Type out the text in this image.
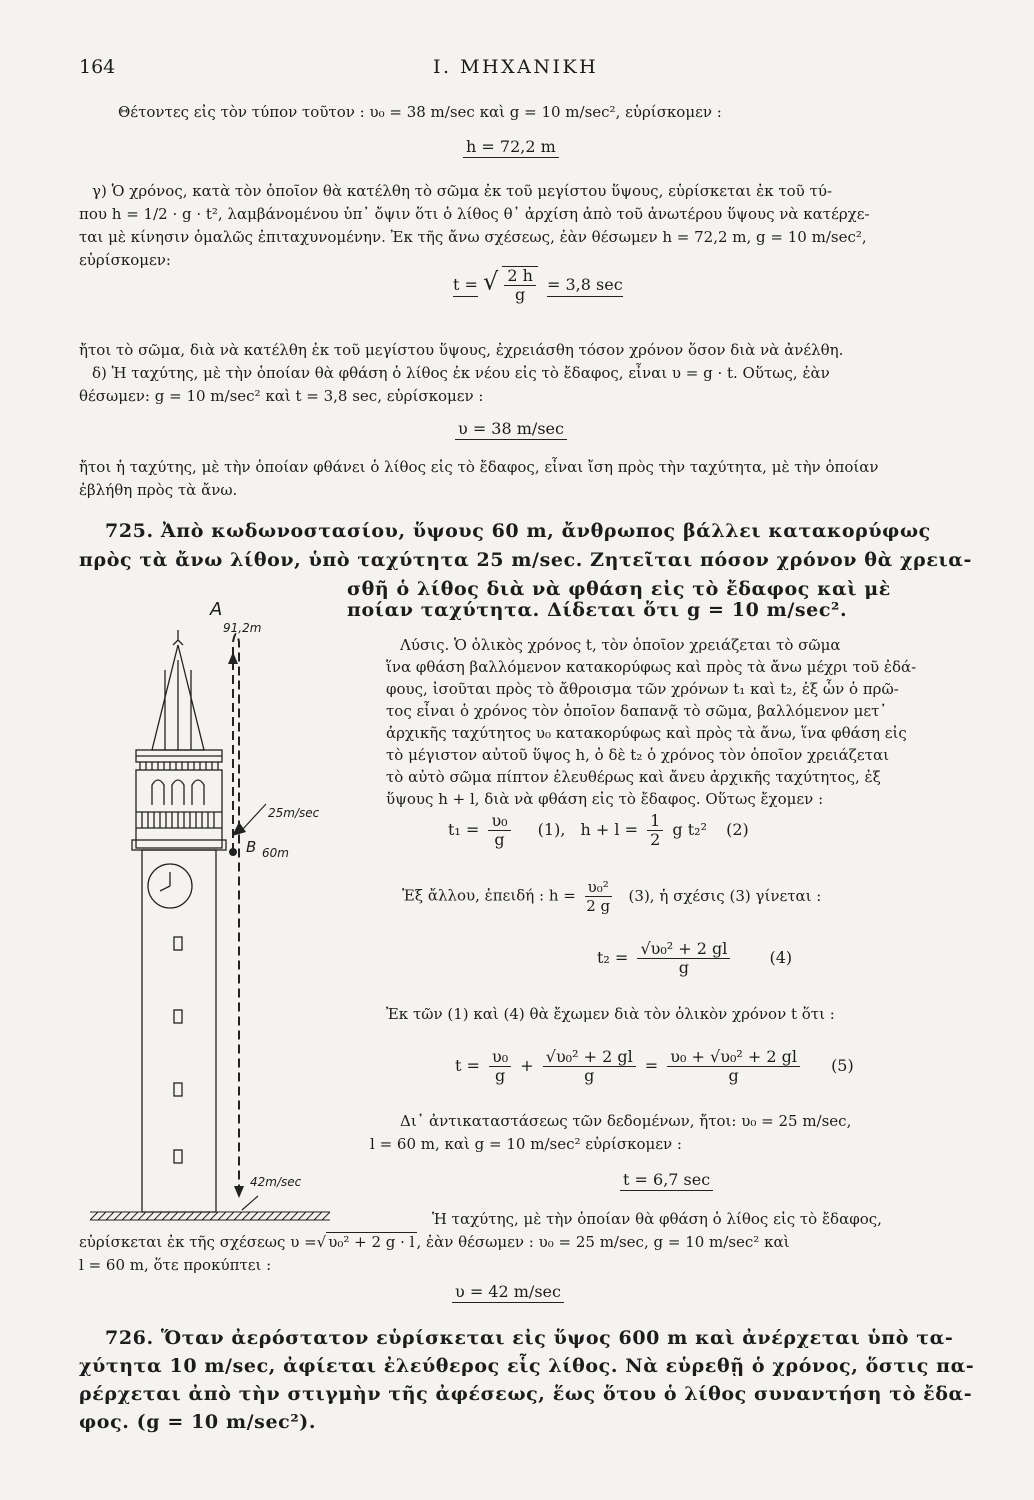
164	I. ΜΗΧΑΝΙΚΗ
Θέτοντες εἰς τὸν τύπον τοῦτον : υ₀ = 38 m/sec καὶ g = 10 m/sec², εὑρίσκομεν :
h = 72,2 m
γ) Ὁ χρόνος, κατὰ τὸν ὁποῖον θὰ κατέλθη τὸ σῶμα ἐκ τοῦ μεγίστου ὕψους, εὑρίσκεται ἐκ τοῦ τύ-
που h = 1/2 · g · t², λαμβάνομένου ὑπ᾿ ὄψιν ὅτι ὁ λίθος θ᾿ ἀρχίση ἀπὸ τοῦ ἀνωτέρου ὕψους νὰ κατέρχε-
ται μὲ κίνησιν ὁμαλῶς ἐπιταχυνομένην. Ἐκ τῆς ἄνω σχέσεως, ἐὰν θέσωμεν h = 72,2 m, g = 10 m/sec²,
εὑρίσκομεν:
t = √ $\frac{2 h}{g} = 3,8$ sec
ἤτοι τὸ σῶμα, διὰ νὰ κατέλθη ἐκ τοῦ μεγίστου ὕψους, ἐχρειάσθη τόσον χρόνον ὅσον διὰ νὰ ἀνέλθη.
δ) Ἡ ταχύτης, μὲ τὴν ὁποίαν θὰ φθάση ὁ λίθος ἐκ νέου εἰς τὸ ἔδαφος, εἶναι υ = g · t. Οὕτως, ἐὰν
θέσωμεν: g = 10 m/sec² καὶ t = 3,8 sec, εὑρίσκομεν :
υ = 38 m/sec
ἤτοι ἡ ταχύτης, μὲ τὴν ὁποίαν φθάνει ὁ λίθος εἰς τὸ ἔδαφος, εἶναι ἴση πρὸς τὴν ταχύτητα, μὲ τὴν ὁποίαν
ἐβλήθη πρὸς τὰ ἄνω.
725. Ἀπὸ κωδωνοστασίου, ὕψους 60 m, ἄνθρωπος βάλλει κατακορύφως
πρὸς τὰ ἄνω λίθον, ὑπὸ ταχύτητα 25 m/sec. Ζητεῖται πόσον χρόνον θὰ χρεια-
σθῆ ὁ λίθος διὰ νὰ φθάση εἰς τὸ ἔδαφος καὶ μὲ
ποίαν ταχύτητα. Δίδεται ὅτι g = 10 m/sec².
A
91,2m
25m/sec
B 60m
42m/sec
Λύσις. Ὁ ὁλικὸς χρόνος t, τὸν ὁποῖον χρειάζεται τὸ σῶμα
ἵνα φθάση βαλλόμενον κατακορύφως καὶ πρὸς τὰ ἄνω μέχρι τοῦ ἐδά-
φους, ἰσοῦται πρὸς τὸ ἄθροισμα τῶν χρόνων t₁ καὶ t₂, ἐξ ὧν ὁ πρῶ-
τος εἶναι ὁ χρόνος τὸν ὁποῖον δαπανᾷ τὸ σῶμα, βαλλόμενον μετ᾿
ἀρχικῆς ταχύτητος υ₀ κατακορύφως καὶ πρὸς τὰ ἄνω, ἵνα φθάση εἰς
τὸ μέγιστον αὐτοῦ ὕψος h, ὁ δὲ t₂ ὁ χρόνος τὸν ὁποῖον χρειάζεται
τὸ αὐτὸ σῶμα πίπτον ἐλευθέρως καὶ ἄνευ ἀρχικῆς ταχύτητος, ἐξ
ὕψους h + l, διὰ νὰ φθάση εἰς τὸ ἔδαφος. Οὕτως ἔχομεν :
$t_1 = \frac{\text{υ₀}}{g} (1)$, $h + l = \frac{1}{2}$ g t₂² (2)
Ἐξ ἄλλου, ἐπειδή : $h = \frac{\text{υ₀²}}{2 g} (3)$, ἡ σχέσις (3) γίνεται :
$t_2 = \frac{\text{√υ₀² + 2 gl}}{g} (4)$
Ἐκ τῶν (1) καὶ (4) θὰ ἔχωμεν διὰ τὸν ὁλικὸν χρόνον t ὅτι :
$t = \frac{\text{υ₀}}{g} + \frac{\text{√υ₀² + 2 gl}}{g} = \frac{\text{υ₀ + √υ₀² + 2 gl}}{g} (5)$
Δι᾿ ἀντικαταστάσεως τῶν δεδομένων, ἤτοι: υ₀ = 25 m/sec,
l = 60 m, καὶ g = 10 m/sec² εὑρίσκομεν :
t = 6,7 sec
Ἡ ταχύτης, μὲ τὴν ὁποίαν θὰ φθάση ὁ λίθος εἰς τὸ ἔδαφος,
εὑρίσκεται ἐκ τῆς σχέσεως υ =√ υ₀² + 2 g · l , ἐὰν θέσωμεν : υ₀ = 25 m/sec, g = 10 m/sec² καὶ
l = 60 m, ὅτε προκύπτει :
υ = 42 m/sec
726. Ὅταν ἀερόστατον εὑρίσκεται εἰς ὕψος 600 m καὶ ἀνέρχεται ὑπὸ τα-
χύτητα 10 m/sec, ἀφίεται ἐλεύθερος εἷς λίθος. Νὰ εὑρεθῇ ὁ χρόνος, ὅστις πα-
ρέρχεται ἀπὸ τὴν στιγμὴν τῆς ἀφέσεως, ἕως ὅτου ὁ λίθος συναντήση τὸ ἔδα-
φος. (g = 10 m/sec²).
